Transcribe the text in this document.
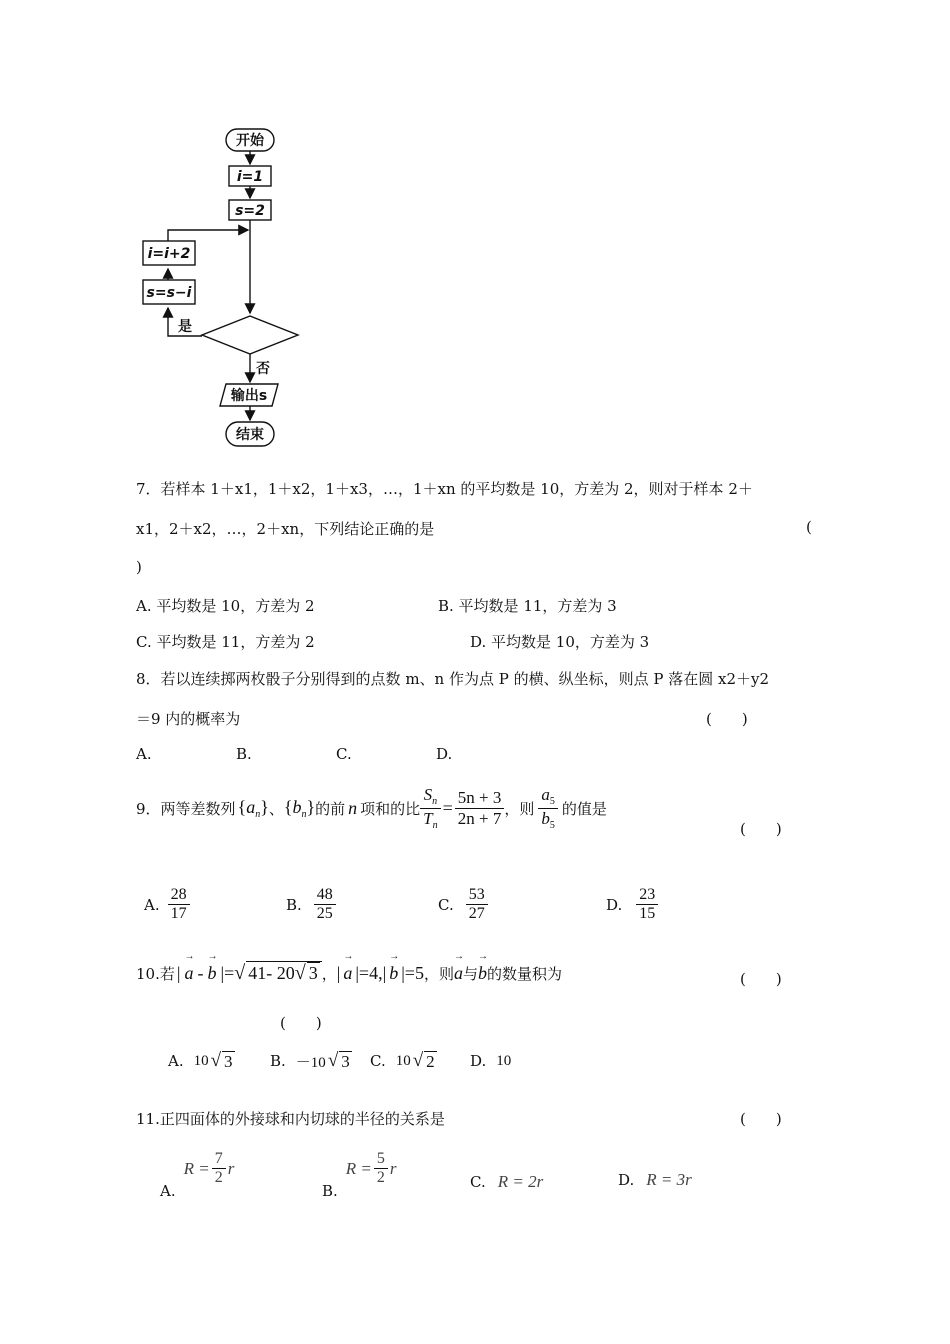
开始
i=1
s=2
i=i+2
s=s−i
是
否
输出s
结束
7．若样本 1＋x1，1＋x2，1＋x3，…，1＋xn 的平均数是 10，方差为 2，则对于样本 2＋
x1，2＋x2，…，2＋xn，下列结论正确的是	(
)
A. 平均数是 10，方差为 2	B. 平均数是 11，方差为 3
C. 平均数是 11，方差为 2	D. 平均数是 10，方差为 3
8．若以连续掷两枚骰子分别得到的点数 m、n 作为点 P 的横、纵坐标，则点 P 落在圆 x2＋y2
＝9 内的概率为	(　　)
A.	B.	C.	D.
9．两等差数列 $\{a_n\}$ 、 $\{b_n\}$ 的前 n 项和的比 $\frac{S_n}{T_n} = \frac{5n + 3}{2n + 7}$ ，则 $\frac{a_5}{b_5}$ 的值是
(　　)
A. $\frac{28}{17}$	B. $\frac{48}{25}$	C. $\frac{53}{27}$	D. $\frac{23}{15}$
10.若 | → a - → b |= √ 41- 20√ 3 ， | → a |=4,| → b |=5 ，则 → a 与 → b 的数量积为	(　　)
(　　)
A. 10 √ 3 B. －10 √ 3 C. 10 √ 2 D. 10
11.正四面体的外接球和内切球的半径的关系是	(　　)
A.
$R = \frac{7}{2}$ r
B.
$R = \frac{5}{2}$ r
C. R = 2r	D. R = 3r
